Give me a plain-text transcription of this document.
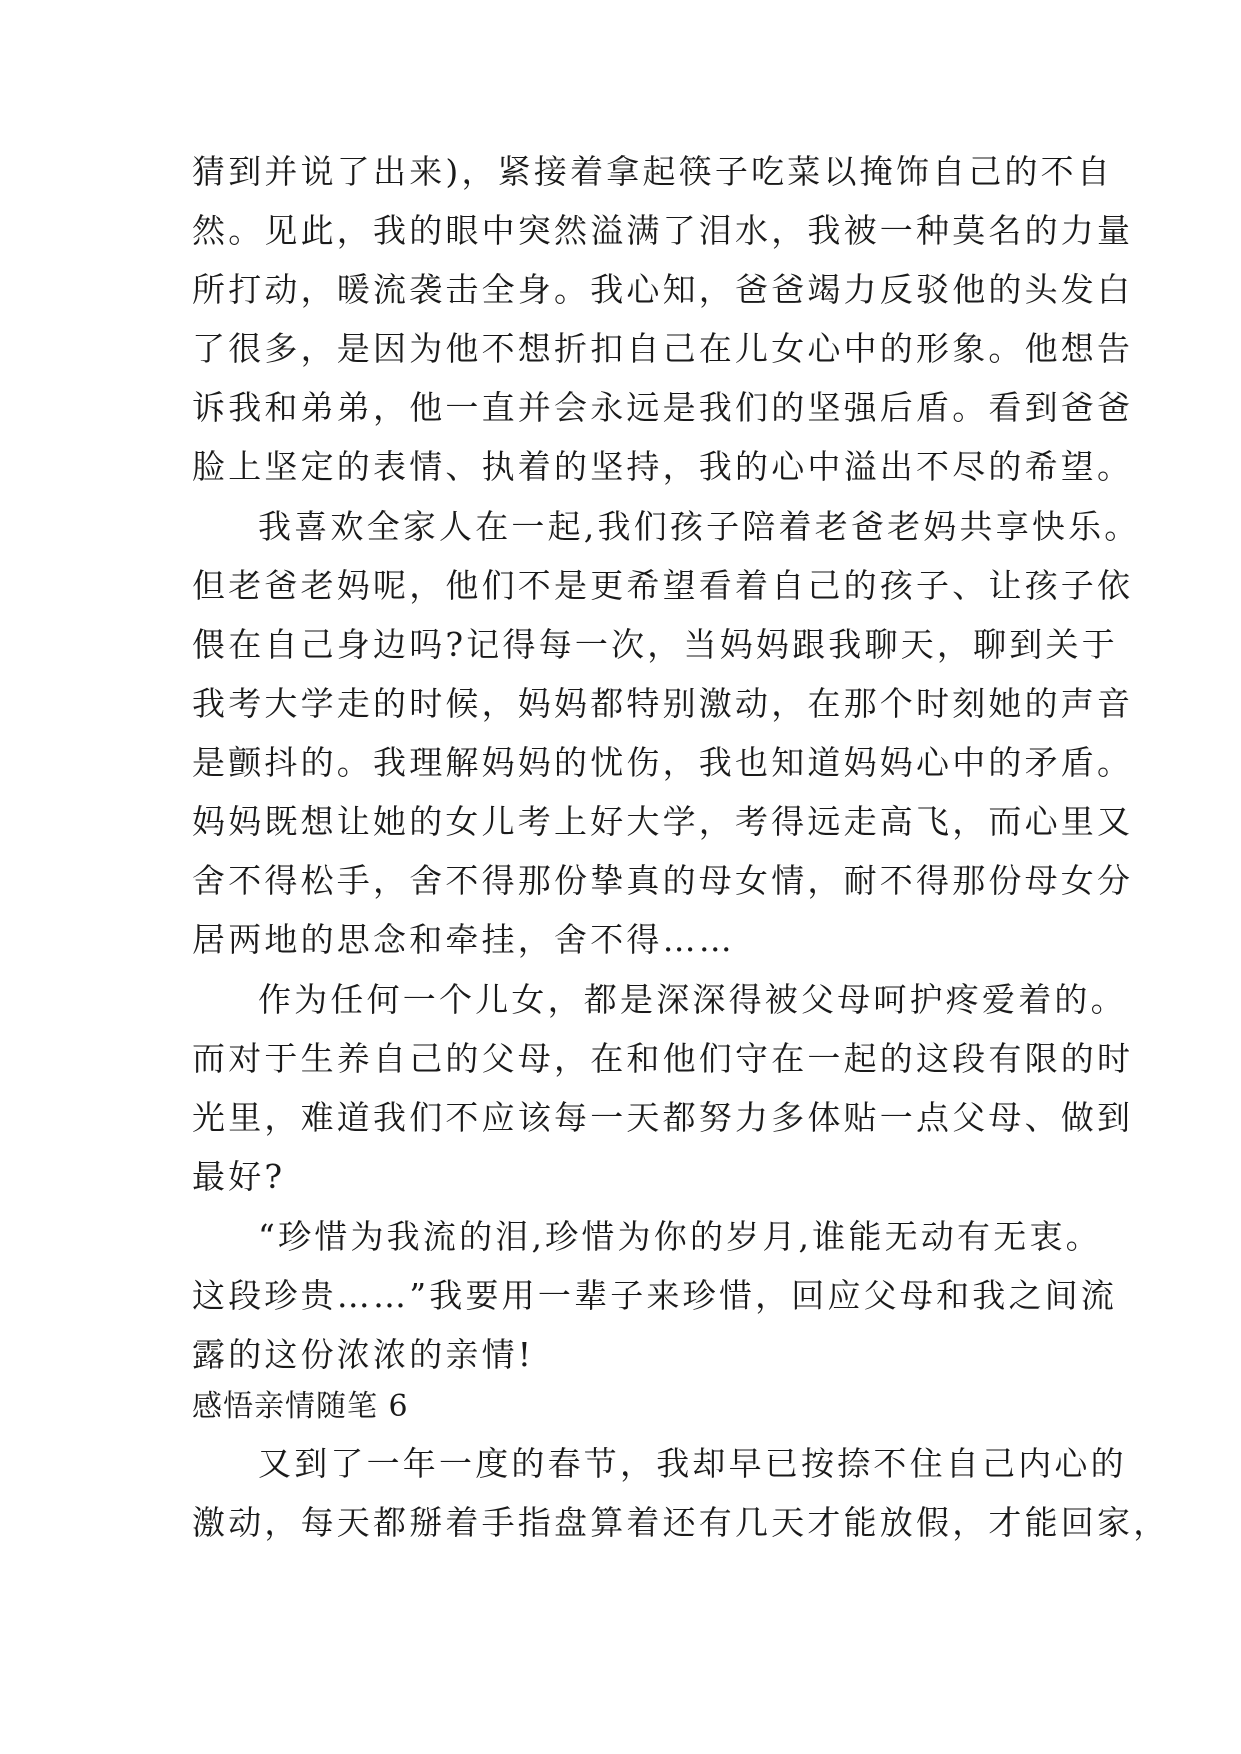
猜到并说了出来)，紧接着拿起筷子吃菜以掩饰自己的不自
然。见此，我的眼中突然溢满了泪水，我被一种莫名的力量
所打动，暖流袭击全身。我心知，爸爸竭力反驳他的头发白
了很多，是因为他不想折扣自己在儿女心中的形象。他想告
诉我和弟弟，他一直并会永远是我们的坚强后盾。看到爸爸
脸上坚定的表情、执着的坚持，我的心中溢出不尽的希望。
我喜欢全家人在一起,我们孩子陪着老爸老妈共享快乐。
但老爸老妈呢，他们不是更希望看着自己的孩子、让孩子依
偎在自己身边吗?记得每一次，当妈妈跟我聊天，聊到关于
我考大学走的时候，妈妈都特别激动，在那个时刻她的声音
是颤抖的。我理解妈妈的忧伤，我也知道妈妈心中的矛盾。
妈妈既想让她的女儿考上好大学，考得远走高飞，而心里又
舍不得松手，舍不得那份挚真的母女情，耐不得那份母女分
居两地的思念和牵挂，舍不得……
作为任何一个儿女，都是深深得被父母呵护疼爱着的。
而对于生养自己的父母，在和他们守在一起的这段有限的时
光里，难道我们不应该每一天都努力多体贴一点父母、做到
最好?
“珍惜为我流的泪,珍惜为你的岁月,谁能无动有无衷。
这段珍贵……”我要用一辈子来珍惜，回应父母和我之间流
露的这份浓浓的亲情!
感悟亲情随笔 6
又到了一年一度的春节，我却早已按捺不住自己内心的
激动，每天都掰着手指盘算着还有几天才能放假，才能回家，
